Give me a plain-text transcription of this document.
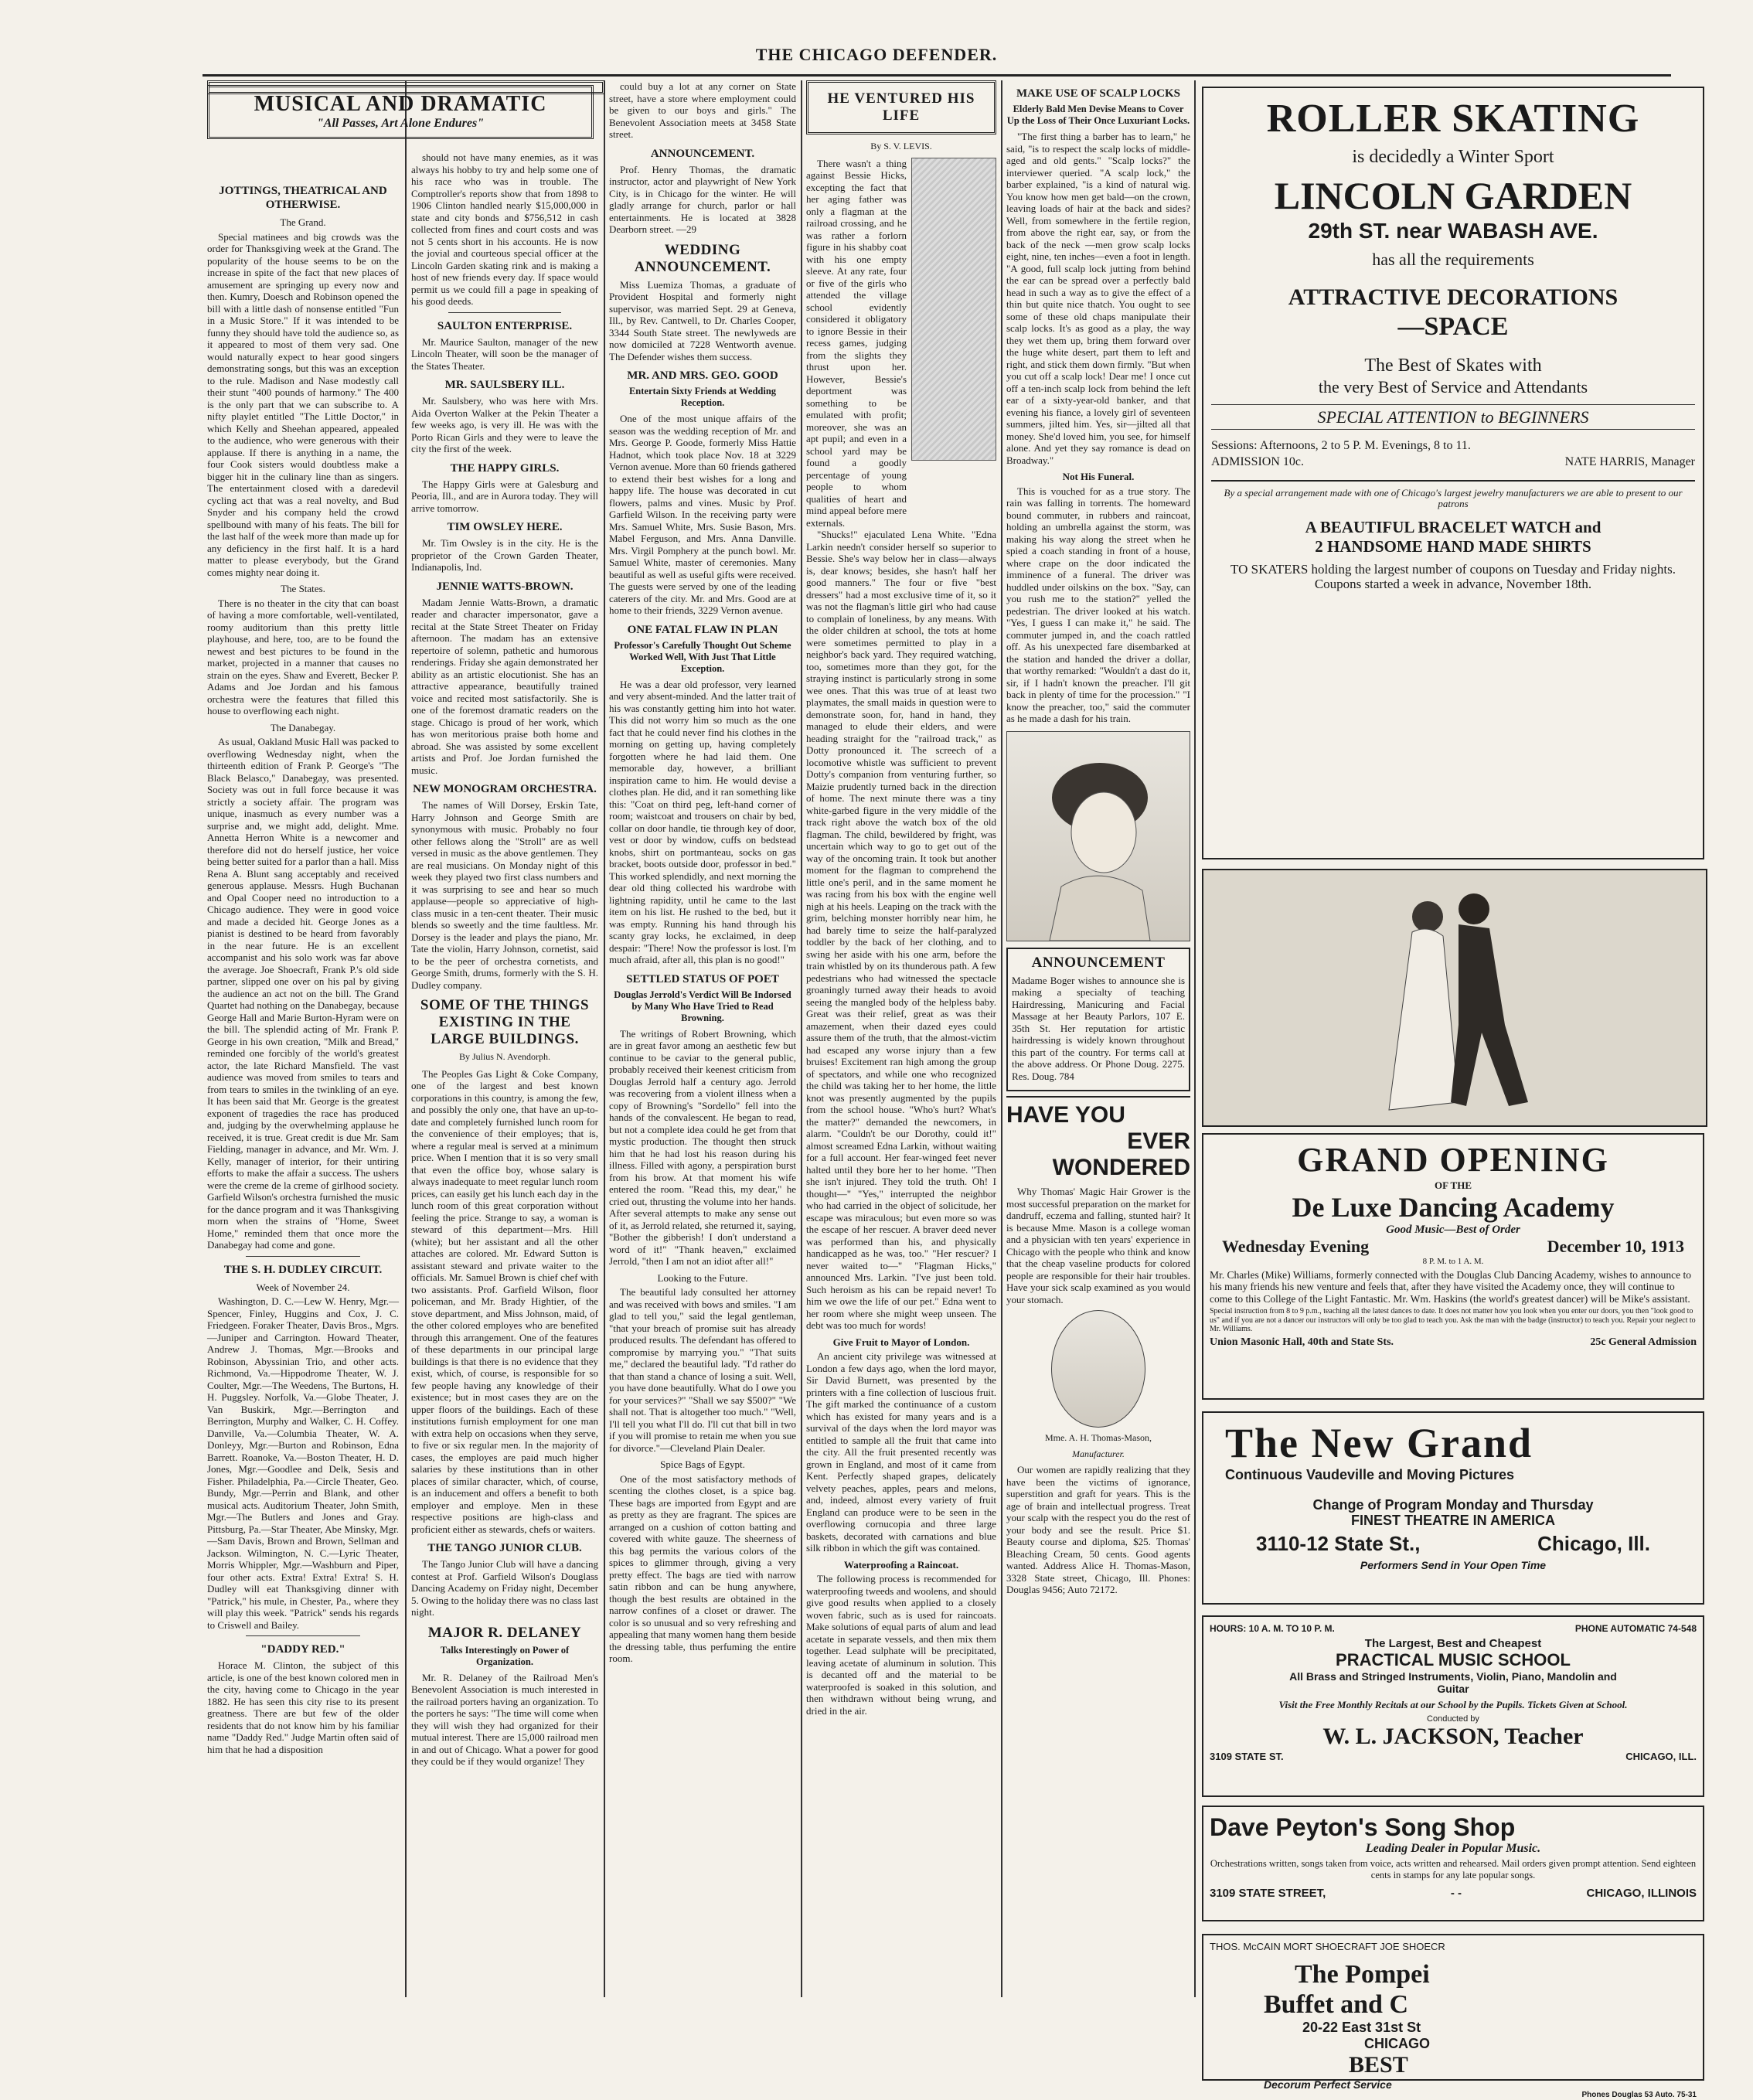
THE CHICAGO DEFENDER.
JOTTINGS, THEATRICAL AND OTHERWISE.
The Grand.

Special matinees and big crowds was the order for Thanksgiving week at the Grand. The popularity of the house seems to be on the increase in spite of the fact that new places of amusement are springing up every now and then. Kumry, Doesch and Robinson opened the bill with a little dash of nonsense entitled "Fun in a Music Store." If it was intended to be funny they should have told the audience so, as it appeared to most of them very sad. One would naturally expect to hear good singers demonstrating songs, but this was an exception to the rule. Madison and Nase modestly call their stunt "400 pounds of harmony." The 400 is the only part that we can subscribe to. A nifty playlet entitled "The Little Doctor," in which Kelly and Sheehan appeared, appealed to the audience, who were generous with their applause. If there is anything in a name, the four Cook sisters would doubtless make a bigger hit in the culinary line than as singers. The entertainment closed with a daredevil cycling act that was a real novelty, and Bud Snyder and his company held the crowd spellbound with many of his feats. The bill for the last half of the week more than made up for any deficiency in the first half. It is a hard matter to please everybody, but the Grand comes mighty near doing it.

The States.

There is no theater in the city that can boast of having a more comfortable, well-ventilated, roomy auditorium than this pretty little playhouse, and here, too, are to be found the newest and best pictures to be found in the market, projected in a manner that causes no strain on the eyes. Shaw and Everett, Becker P. Adams and Joe Jordan and his famous orchestra were the features that filled this house to overflowing each night.

The Danabegay.

As usual, Oakland Music Hall was packed to overflowing Wednesday night, when the thirteenth edition of Frank P. George's "The Black Belasco," Danabegay, was presented. Society was out in full force because it was strictly a society affair. The program was unique, inasmuch as every number was a surprise and, we might add, delight. Mme. Annetta Herron White is a newcomer and therefore did not do herself justice, her voice being better suited for a parlor than a hall. Miss Rena A. Blunt sang acceptably and received generous applause. Messrs. Hugh Buchanan and Opal Cooper need no introduction to a Chicago audience. They were in good voice and made a decided hit. George Jones as a pianist is destined to be heard from favorably in the near future. He is an excellent accompanist and his solo work was far above the average. Joe Shoecraft, Frank P.'s old side partner, slipped one over on his pal by giving the audience an act not on the bill. The Grand Quartet had nothing on the Danabegay, because George Hall and Marie Burton-Hyram were on the bill. The splendid acting of Mr. Frank P. George in his own creation, "Milk and Bread," reminded one forcibly of the world's greatest actor, the late Richard Mansfield. The vast audience was moved from smiles to tears and from tears to smiles in the twinkling of an eye. It has been said that Mr. George is the greatest exponent of tragedies the race has produced and, judging by the overwhelming applause he received, it is true. Great credit is due Mr. Sam Fielding, manager in advance, and Mr. Wm. J. Kelly, manager of interior, for their untiring efforts to make the affair a success. The ushers were the creme de la creme of girlhood society. Garfield Wilson's orchestra furnished the music for the dance program and it was Thanksgiving morn when the strains of "Home, Sweet Home," reminded them that once more the Danabegay had come and gone.

THE S. H. DUDLEY CIRCUIT.
Week of November 24.

Washington, D. C.—Lew W. Henry, Mgr.—Spencer, Finley, Huggins and Cox, J. C. Friedgeen. Foraker Theater, Davis Bros., Mgrs.—Juniper and Carrington. Howard Theater, Andrew J. Thomas, Mgr.—Brooks and Robinson, Abyssinian Trio, and other acts. Richmond, Va.—Hippodrome Theater, W. J. Coulter, Mgr.—The Weedens, The Burtons, H. H. Puggsley. Norfolk, Va.—Globe Theater, J. Van Buskirk, Mgr.—Berrington and Berrington, Murphy and Walker, C. H. Coffey. Danville, Va.—Columbia Theater, W. A. Donleyy, Mgr.—Burton and Robinson, Edna Barrett. Roanoke, Va.—Boston Theater, H. D. Jones, Mgr.—Goodlee and Delk, Sesis and Fisher. Philadelphia, Pa.—Circle Theater, Geo. Bundy, Mgr.—Perrin and Blank, and other musical acts. Auditorium Theater, John Smith, Mgr.—The Butlers and Jones and Gray. Pittsburg, Pa.—Star Theater, Abe Minsky, Mgr.—Sam Davis, Brown and Brown, Sellman and Jackson. Wilmington, N. C.—Lyric Theater, Morris Whippler, Mgr.—Washburn and Piper, four other acts. Extra! Extra! Extra! S. H. Dudley will eat Thanksgiving dinner with "Patrick," his mule, in Chester, Pa., where they will play this week. "Patrick" sends his regards to Criswell and Bailey.

"DADDY RED."

Horace M. Clinton, the subject of this article, is one of the best known colored men in the city, having come to Chicago in the year 1882. He has seen this city rise to its present greatness. There are but few of the older residents that do not know him by his familiar name "Daddy Red." Judge Martin often said of him that he had a disposition

MUSICAL AND DRAMATIC
"All Passes, Art Alone Endures"

should not have many enemies, as it was always his hobby to try and help some one of his race who was in trouble. The Comptroller's reports show that from 1898 to 1906 Clinton handled nearly $15,000,000 in state and city bonds and $756,512 in cash collected from fines and court costs and was not 5 cents short in his accounts. He is now the jovial and courteous special officer at the Lincoln Garden skating rink and is making a host of new friends every day. If space would permit us we could fill a page in speaking of his good deeds.

SAULTON ENTERPRISE.

Mr. Maurice Saulton, manager of the new Lincoln Theater, will soon be the manager of the States Theater.

MR. SAULSBERY ILL.

Mr. Saulsbery, who was here with Mrs. Aida Overton Walker at the Pekin Theater a few weeks ago, is very ill. He was with the Porto Rican Girls and they were to leave the city the first of the week.

THE HAPPY GIRLS.

The Happy Girls were at Galesburg and Peoria, Ill., and are in Aurora today. They will arrive tomorrow.

TIM OWSLEY HERE.

Mr. Tim Owsley is in the city. He is the proprietor of the Crown Garden Theater, Indianapolis, Ind.

JENNIE WATTS-BROWN.

Madam Jennie Watts-Brown, a dramatic reader and character impersonator, gave a recital at the State Street Theater on Friday afternoon. The madam has an extensive repertoire of solemn, pathetic and humorous renderings. Friday she again demonstrated her ability as an artistic elocutionist. She has an attractive appearance, beautifully trained voice and recited most satisfactorily. She is one of the foremost dramatic readers on the stage. Chicago is proud of her work, which has won meritorious praise both home and abroad. She was assisted by some excellent artists and Prof. Joe Jordan furnished the music.

NEW MONOGRAM ORCHESTRA.

The names of Will Dorsey, Erskin Tate, Harry Johnson and George Smith are synonymous with music. Probably no four other fellows along the "Stroll" are as well versed in music as the above gentlemen. They are real musicians. On Monday night of this week they played two first class numbers and it was surprising to see and hear so much applause—people so appreciative of high-class music in a ten-cent theater. Their music blends so sweetly and the time faultless. Mr. Dorsey is the leader and plays the piano, Mr. Tate the violin, Harry Johnson, cornetist, said to be the peer of orchestra cornetists, and George Smith, drums, formerly with the S. H. Dudley company.

SOME OF THE THINGS EXISTING IN THE LARGE BUILDINGS.
By Julius N. Avendorph.

The Peoples Gas Light & Coke Company, one of the largest and best known corporations in this country, is among the few, and possibly the only one, that have an up-to-date and completely furnished lunch room for the convenience of their employes; that is, where a regular meal is served at a minimum price. When I mention that it is so very small that even the office boy, whose salary is always inadequate to meet regular lunch room prices, can easily get his lunch each day in the lunch room of this great corporation without feeling the price. Strange to say, a woman is steward of this department—Mrs. Hill (white); but her assistant and all the other attaches are colored. Mr. Edward Sutton is assistant steward and private waiter to the officials. Mr. Samuel Brown is chief chef with two assistants. Prof. Garfield Wilson, floor policeman, and Mr. Brady Hightier, of the stove department, and Miss Johnson, maid, of the other colored employes who are benefited through this arrangement. One of the features of these departments in our principal large buildings is that there is no evidence that they exist, which, of course, is responsible for so few people having any knowledge of their existence; but in most cases they are on the upper floors of the buildings. Each of these institutions furnish employment for one man with extra help on occasions when they serve, to five or six regular men. In the majority of cases, the employes are paid much higher salaries by these institutions than in other places of similar character, which, of course, is an inducement and offers a benefit to both employer and employe. Men in these respective positions are high-class and proficient either as stewards, chefs or waiters.

THE TANGO JUNIOR CLUB.

The Tango Junior Club will have a dancing contest at Prof. Garfield Wilson's Douglass Dancing Academy on Friday night, December 5. Owing to the holiday there was no class last night.

MAJOR R. DELANEY
Talks Interestingly on Power of Organization.

Mr. R. Delaney of the Railroad Men's Benevolent Association is much interested in the railroad porters having an organization. To the porters he says: "The time will come when they will wish they had organized for their mutual interest. There are 15,000 railroad men in and out of Chicago. What a power for good they could be if they would organize! They

could buy a lot at any corner on State street, have a store where employment could be given to our boys and girls." The Benevolent Association meets at 3458 State street.

ANNOUNCEMENT.

Prof. Henry Thomas, the dramatic instructor, actor and playwright of New York City, is in Chicago for the winter. He will gladly arrange for church, parlor or hall entertainments. He is located at 3828 Dearborn street. —29

WEDDING ANNOUNCEMENT.

Miss Luemiza Thomas, a graduate of Provident Hospital and formerly night supervisor, was married Sept. 29 at Geneva, Ill., by Rev. Cantwell, to Dr. Charles Cooper, 3344 South State street. The newlyweds are now domiciled at 7228 Wentworth avenue. The Defender wishes them success.

MR. AND MRS. GEO. GOOD
Entertain Sixty Friends at Wedding Reception.

One of the most unique affairs of the season was the wedding reception of Mr. and Mrs. George P. Goode, formerly Miss Hattie Hadnot, which took place Nov. 18 at 3229 Vernon avenue. More than 60 friends gathered to extend their best wishes for a long and happy life. The house was decorated in cut flowers, palms and vines. Music by Prof. Garfield Wilson. In the receiving party were Mrs. Samuel White, Mrs. Susie Bason, Mrs. Mabel Ferguson, and Mrs. Anna Danville. Mrs. Virgil Pomphery at the punch bowl. Mr. Samuel White, master of ceremonies. Many beautiful as well as useful gifts were received. The guests were served by one of the leading caterers of the city. Mr. and Mrs. Good are at home to their friends, 3229 Vernon avenue.

ONE FATAL FLAW IN PLAN
Professor's Carefully Thought Out Scheme Worked Well, With Just That Little Exception.

He was a dear old professor, very learned and very absent-minded. And the latter trait of his was constantly getting him into hot water. This did not worry him so much as the one fact that he could never find his clothes in the morning on getting up, having completely forgotten where he had laid them. One memorable day, however, a brilliant inspiration came to him. He would devise a clothes plan. He did, and it ran something like this: "Coat on third peg, left-hand corner of room; waistcoat and trousers on chair by bed, collar on door handle, tie through key of door, vest or door by window, cuffs on bedstead knobs, shirt on portmanteau, socks on gas bracket, boots outside door, professor in bed." This worked splendidly, and next morning the dear old thing collected his wardrobe with lightning rapidity, until he came to the last item on his list. He rushed to the bed, but it was empty. Running his hand through his scanty gray locks, he exclaimed, in deep despair: "There! Now the professor is lost. I'm much afraid, after all, this plan is no good!"

SETTLED STATUS OF POET
Douglas Jerrold's Verdict Will Be Indorsed by Many Who Have Tried to Read Browning.

The writings of Robert Browning, which are in great favor among an aesthetic few but continue to be caviar to the general public, probably received their keenest criticism from Douglas Jerrold half a century ago. Jerrold was recovering from a violent illness when a copy of Browning's "Sordello" fell into the hands of the convalescent. He began to read, but not a complete idea could he get from that mystic production. The thought then struck him that he had lost his reason during his illness. Filled with agony, a perspiration burst from his brow. At that moment his wife entered the room. "Read this, my dear," he cried out, thrusting the volume into her hands. After several attempts to make any sense out of it, as Jerrold related, she returned it, saying, "Bother the gibberish! I don't understand a word of it!" "Thank heaven," exclaimed Jerrold, "then I am not an idiot after all!"

Looking to the Future.

The beautiful lady consulted her attorney and was received with bows and smiles. "I am glad to tell you," said the legal gentleman, "that your breach of promise suit has already produced results. The defendant has offered to compromise by marrying you." "That suits me," declared the beautiful lady. "I'd rather do that than stand a chance of losing a suit. Well, you have done beautifully. What do I owe you for your services?" "Shall we say $500?" "We shall not. That is altogether too much." "Well, I'll tell you what I'll do. I'll cut that bill in two if you will promise to retain me when you sue for divorce."—Cleveland Plain Dealer.

Spice Bags of Egypt.

One of the most satisfactory methods of scenting the clothes closet, is a spice bag. These bags are imported from Egypt and are as pretty as they are fragrant. The spices are arranged on a cushion of cotton batting and covered with white gauze. The sheerness of this bag permits the various colors of the spices to glimmer through, giving a very pretty effect. The bags are tied with narrow satin ribbon and can be hung anywhere, though the best results are obtained in the narrow confines of a closet or drawer. The color is so unusual and so very refreshing and appealing that many women hang them beside the dressing table, thus perfuming the entire room.

HE VENTURED HIS LIFE
By S. V. LEVIS.

There wasn't a thing against Bessie Hicks, excepting the fact that her aging father was only a flagman at the railroad crossing, and he was rather a forlorn figure in his shabby coat with his one empty sleeve. At any rate, four or five of the girls who attended the village school evidently considered it obligatory to ignore Bessie in their recess games, judging from the slights they thrust upon her. However, Bessie's deportment was something to be emulated with profit; moreover, she was an apt pupil; and even in a school yard may be found a goodly percentage of young people to whom qualities of heart and mind appeal before mere externals.

"Shucks!" ejaculated Lena White. "Edna Larkin needn't consider herself so superior to Bessie. She's way below her in class—always is, dear knows; besides, she hasn't half her good manners." The four or five "best dressers" had a most exclusive time of it, so it was not the flagman's little girl who had cause to complain of loneliness, by any means. With the older children at school, the tots at home were sometimes permitted to play in a neighbor's back yard. They required watching, too, sometimes more than they got, for the straying instinct is particularly strong in some wee ones. That this was true of at least two playmates, the small maids in question were to demonstrate soon, for, hand in hand, they managed to elude their elders, and were heading straight for the "railroad track," as Dotty pronounced it. The screech of a locomotive whistle was sufficient to prevent Dotty's companion from venturing further, so Maizie prudently turned back in the direction of home. The next minute there was a tiny white-garbed figure in the very middle of the track right above the watch box of the old flagman. The child, bewildered by fright, was uncertain which way to go to get out of the way of the oncoming train. It took but another moment for the flagman to comprehend the little one's peril, and in the same moment he was racing from his box with the engine well nigh at his heels. Leaping on the track with the grim, belching monster horribly near him, he had barely time to seize the half-paralyzed toddler by the back of her clothing, and to swing her aside with his one arm, before the train whistled by on its thunderous path. A few pedestrians who had witnessed the spectacle groaningly turned away their heads to avoid seeing the mangled body of the helpless baby. Great was their relief, great as was their amazement, when their dazed eyes could assure them of the truth, that the almost-victim had escaped any worse injury than a few bruises! Excitement ran high among the group of spectators, and while one who recognized the child was taking her to her home, the little knot was presently augmented by the pupils from the school house. "Who's hurt? What's the matter?" demanded the newcomers, in alarm. "Couldn't be our Dorothy, could it!" almost screamed Edna Larkin, without waiting for a full account. Her fear-winged feet never halted until they bore her to her home. "Then she isn't injured. They told the truth. Oh! I thought—" "Yes," interrupted the neighbor who had carried in the object of solicitude, her escape was miraculous; but even more so was the escape of her rescuer. A braver deed never was performed than his, and physically handicapped as he was, too." "Her rescuer? I never waited to—" "Flagman Hicks," announced Mrs. Larkin. "I've just been told. Such heroism as his can be repaid never! To him we owe the life of our pet." Edna went to her room where she might weep unseen. The debt was too much for words!

Give Fruit to Mayor of London.

An ancient city privilege was witnessed at London a few days ago, when the lord mayor, Sir David Burnett, was presented by the printers with a fine collection of luscious fruit. The gift marked the continuance of a custom which has existed for many years and is a survival of the days when the lord mayor was entitled to sample all the fruit that came into the city. All the fruit presented recently was grown in England, and most of it came from Kent. Perfectly shaped grapes, delicately velvety peaches, apples, pears and melons, and, indeed, almost every variety of fruit England can produce were to be seen in the overflowing cornucopia and three large baskets, decorated with carnations and blue silk ribbon in which the gift was contained.

Waterproofing a Raincoat.

The following process is recommended for waterproofing tweeds and woolens, and should give good results when applied to a closely woven fabric, such as is used for raincoats. Make solutions of equal parts of alum and lead acetate in separate vessels, and then mix them together. Lead sulphate will be precipitated, leaving acetate of aluminum in solution. This is decanted off and the material to be waterproofed is soaked in this solution, and then withdrawn without being wrung, and dried in the air.

MAKE USE OF SCALP LOCKS
Elderly Bald Men Devise Means to Cover Up the Loss of Their Once Luxuriant Locks.

"The first thing a barber has to learn," he said, "is to respect the scalp locks of middle-aged and old gents." "Scalp locks?" the interviewer queried. "A scalp lock," the barber explained, "is a kind of natural wig. You know how men get bald—on the crown, leaving loads of hair at the back and sides? Well, from somewhere in the fertile region, from above the right ear, say, or from the back of the neck —men grow scalp locks eight, nine, ten inches—even a foot in length. "A good, full scalp lock jutting from behind the ear can be spread over a perfectly bald head in such a way as to give the effect of a thin but quite nice thatch. You ought to see some of these old chaps manipulate their scalp locks. It's as good as a play, the way they wet them up, bring them forward over the huge white desert, part them to left and right, and stick them down firmly. "But when you cut off a scalp lock! Dear me! I once cut off a ten-inch scalp lock from behind the left ear of a sixty-year-old banker, and that evening his fiance, a lovely girl of seventeen summers, jilted him. Yes, sir—jilted all that money. She'd loved him, you see, for himself alone. And yet they say romance is dead on Broadway."

Not His Funeral.

This is vouched for as a true story. The rain was falling in torrents. The homeward bound commuter, in rubbers and raincoat, holding an umbrella against the storm, was making his way along the street when he spied a coach standing in front of a house, where crape on the door indicated the imminence of a funeral. The driver was huddled under oilskins on the box. "Say, can you rush me to the station?" yelled the pedestrian. The driver looked at his watch. "Yes, I guess I can make it," he said. The commuter jumped in, and the coach rattled off. As his unexpected fare disembarked at the station and handed the driver a dollar, that worthy remarked: "Wouldn't a dast do it, sir, if I hadn't known the preacher. I'll git back in plenty of time for the procession." "I know the preacher, too," said the commuter as he made a dash for his train.

ANNOUNCEMENT

Madame Boger wishes to announce she is making a specialty of teaching Hairdressing, Manicuring and Facial Massage at her Beauty Parlors, 107 E. 35th St. Her reputation for artistic hairdressing is widely known throughout this part of the country. For terms call at the above address. Or Phone Doug. 2275. Res. Doug. 784

HAVE YOU
EVER WONDERED

Why Thomas' Magic Hair Grower is the most successful preparation on the market for dandruff, eczema and falling, stunted hair? It is because Mme. Mason is a college woman and a physician with ten years' experience in Chicago with the people who think and know that the cheap vaseline products for colored people are responsible for their hair troubles. Have your sick scalp examined as you would your stomach.

Mme. A. H. Thomas-Mason,
Manufacturer.

Our women are rapidly realizing that they have been the victims of ignorance, superstition and graft for years. This is the age of brain and intellectual progress. Treat your scalp with the respect you do the rest of your body and see the result. Price $1. Beauty course and diploma, $25. Thomas' Bleaching Cream, 50 cents. Good agents wanted. Address Alice H. Thomas-Mason, 3328 State street, Chicago, Ill. Phones: Douglas 9456; Auto 72172.

ROLLER SKATING
is decidedly a Winter Sport
LINCOLN GARDEN
29th ST. near WABASH AVE.
has all the requirements
ATTRACTIVE DECORATIONS
—SPACE
The Best of Skates with
the very Best of Service and Attendants
SPECIAL ATTENTION to BEGINNERS
Sessions: Afternoons, 2 to 5 P. M. Evenings, 8 to 11.
ADMISSION 10c.	NATE HARRIS, Manager
By a special arrangement made with one of Chicago's largest jewelry manufacturers we are able to present to our patrons
A BEAUTIFUL BRACELET WATCH and
2 HANDSOME HAND MADE SHIRTS
TO SKATERS holding the largest number of coupons on Tuesday and Friday nights. Coupons started a week in advance, November 18th.
GRAND OPENING
OF THE
De Luxe Dancing Academy
Good Music—Best of Order
Wednesday Evening	December 10, 1913
8 P. M. to 1 A. M.
Mr. Charles (Mike) Williams, formerly connected with the Douglas Club Dancing Academy, wishes to announce to his many friends his new venture and feels that, after they have visited the Academy once, they will continue to come to this College of the Light Fantastic. Mr. Wm. Haskins (the world's greatest dancer) will be Mike's assistant.
Special instruction from 8 to 9 p.m., teaching all the latest dances to date. It does not matter how you look when you enter our doors, you then "look good to us" and if you are not a dancer our instructors will only be too glad to teach you. Ask the man with the badge (instructor) to teach you. Repair your neglect to Mr. Williams.
Union Masonic Hall, 40th and State Sts.	25c General Admission
The New Grand
Continuous Vaudeville and Moving Pictures
Change of Program Monday and Thursday
FINEST THEATRE IN AMERICA
3110-12 State St.,	Chicago, Ill.
Performers Send in Your Open Time
HOURS: 10 A. M. TO 10 P. M.	PHONE AUTOMATIC 74-548
The Largest, Best and Cheapest
PRACTICAL MUSIC SCHOOL
All Brass and Stringed Instruments, Violin, Piano, Mandolin and Guitar
Visit the Free Monthly Recitals at our School by the Pupils. Tickets Given at School.
Conducted by
W. L. JACKSON, Teacher
3109 STATE ST.	CHICAGO, ILL.
Dave Peyton's Song Shop
Leading Dealer in Popular Music.
Orchestrations written, songs taken from voice, acts written and rehearsed. Mail orders given prompt attention. Send eighteen cents in stamps for any late popular songs.
3109 STATE STREET,	- -	CHICAGO, ILLINOIS
THOS. McCAIN MORT SHOECRAFT JOE SHOECR
The Pompei
Buffet and C
20-22 East 31st St
CHICAGO
BEST
Decorum Perfect Service
Phones Douglas 53 Auto. 75-31
